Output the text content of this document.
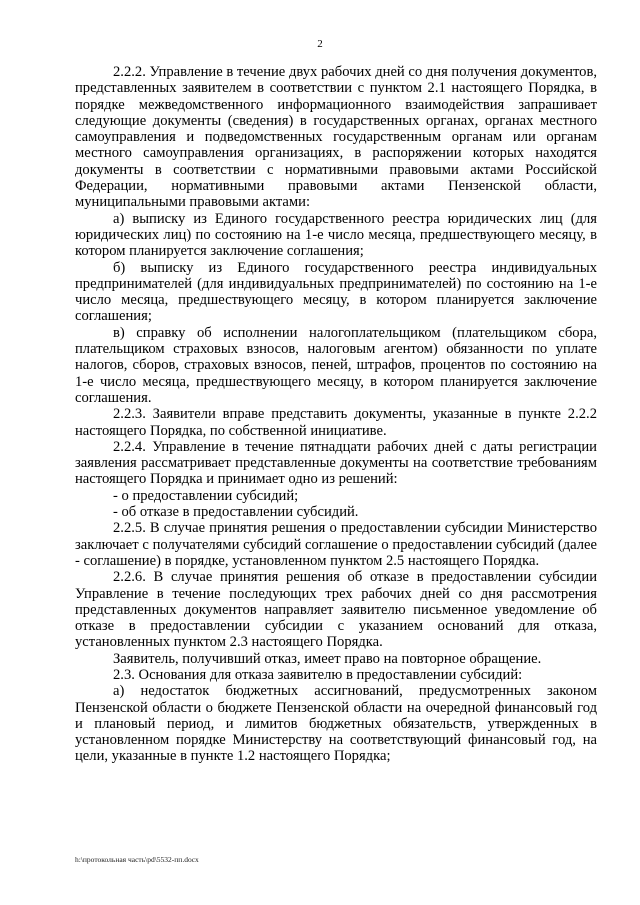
2

2.2.2. Управление в течение двух рабочих дней со дня получения документов, представленных заявителем в соответствии с пунктом 2.1 настоящего Порядка, в порядке межведомственного информационного взаимодействия запрашивает следующие документы (сведения) в государственных органах, органах местного самоуправления и подведомственных государственным органам или органам местного самоуправления организациях, в распоряжении которых находятся документы в соответствии с нормативными правовыми актами Российской Федерации, нормативными правовыми актами Пензенской области, муниципальными правовыми актами:

а) выписку из Единого государственного реестра юридических лиц (для юридических лиц) по состоянию на 1-е число месяца, предшествующего месяцу, в котором планируется заключение соглашения;

б) выписку из Единого государственного реестра индивидуальных предпринимателей (для индивидуальных предпринимателей) по состоянию на 1-е число месяца, предшествующего месяцу, в котором планируется заключение соглашения;

в) справку об исполнении налогоплательщиком (плательщиком сбора, плательщиком страховых взносов, налоговым агентом) обязанности по уплате налогов, сборов, страховых взносов, пеней, штрафов, процентов по состоянию на 1-е число месяца, предшествующего месяцу, в котором планируется заключение соглашения.

2.2.3. Заявители вправе представить документы, указанные в пункте 2.2.2 настоящего Порядка, по собственной инициативе.

2.2.4. Управление в течение пятнадцати рабочих дней с даты регистрации заявления рассматривает представленные документы на соответствие требованиям настоящего Порядка и принимает одно из решений:

- о предоставлении субсидий;

- об отказе в предоставлении субсидий.

2.2.5. В случае принятия решения о предоставлении субсидии Министерство заключает с получателями субсидий соглашение о предоставлении субсидий (далее - соглашение) в порядке, установленном пунктом 2.5 настоящего Порядка.

2.2.6. В случае принятия решения об отказе в предоставлении субсидии Управление в течение последующих трех рабочих дней со дня рассмотрения представленных документов направляет заявителю письменное уведомление об отказе в предоставлении субсидии с указанием оснований для отказа, установленных пунктом 2.3 настоящего Порядка.

Заявитель, получивший отказ, имеет право на повторное обращение.

2.3. Основания для отказа заявителю в предоставлении субсидий:

а) недостаток бюджетных ассигнований, предусмотренных законом Пензенской области о бюджете Пензенской области на очередной финансовый год и плановый период, и лимитов бюджетных обязательств, утвержденных в установленном порядке Министерству на соответствующий финансовый год, на цели, указанные в пункте 1.2 настоящего Порядка;

h:\протокольная часть\pd\5532-пп.docx
